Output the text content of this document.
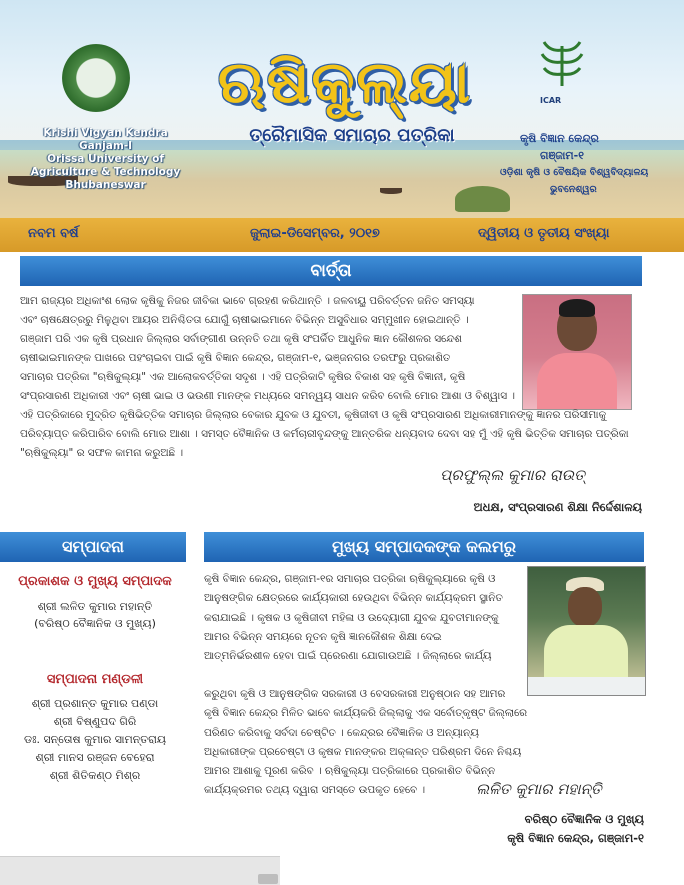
ICAR
ଋଷିକୁଲ୍ୟା
ତ୍ରୈମାସିକ ସମାଚାର ପତ୍ରିକା
Krishi Vigyan Kendra
Ganjam-I
Orissa University of
Agriculture & Technology
Bhubaneswar
କୃଷି ବିଜ୍ଞାନ କେନ୍ଦ୍ର
ଗଞ୍ଜାମ-୧
ଓଡ଼ିଶା କୃଷି ଓ ବୈଷୟିକ ବିଶ୍ୱବିଦ୍ୟାଳୟ
ଭୁବନେଶ୍ୱର
ନବମ ବର୍ଷ	ଜୁଲାଇ-ଡିସେମ୍ବର, ୨୦୧୭	ଦ୍ୱିତୀୟ ଓ ତୃତୀୟ ସଂଖ୍ୟା
ବାର୍ତ୍ତା
ଆମ ରାଜ୍ୟର ଅଧିକାଂଶ ଲୋକ କୃଷିକୁ ନିଜର ଜୀବିକା ଭାବେ ଗ୍ରହଣ କରିଥାନ୍ତି । ଜଳବାୟୁ ପରିବର୍ତ୍ତନ ଜନିତ ସମସ୍ୟା
ଏବଂ ଚାଷକ୍ଷେତ୍ରରୁ ମିଳୁଥିବା ଆୟର ଅନିଶ୍ଚିତତା ଯୋଗୁଁ ଚାଷୀଭାଇମାନେ ବିଭିନ୍ନ ଅସୁବିଧାର ସମ୍ମୁଖୀନ ହୋଇଥାନ୍ତି ।
ଗଞ୍ଜାମ ପରି ଏକ କୃଷି ପ୍ରଧାନ ଜିଲ୍ଲାର ସର୍ବାଙ୍ଗୀଣ ଉନ୍ନତି ତଥା କୃଷି ସଂପର୍କିତ ଆଧୁନିକ ଜ୍ଞାନ କୌଶଳର ସନ୍ଦେଶ
ଚାଷୀଭାଇମାନଙ୍କ ପାଖରେ ପହଂଚାଇବା ପାଇଁ କୃଷି ବିଜ୍ଞାନ କେନ୍ଦ୍ର, ଗଞ୍ଜାମ-୧, ଭଞ୍ଜନଗର ତରଫରୁ ପ୍ରକାଶିତ
ସମାଚାର ପତ୍ରିକା "ଋଷିକୁଲ୍ୟା" ଏକ ଆଲୋକବର୍ତ୍ତିକା ସଦୃଶ । ଏହି ପତ୍ରିକାଟି କୃଷିର ବିକାଶ ସହ କୃଷି ବିଜ୍ଞାନୀ, କୃଷି
ସଂପ୍ରସାରଣ ଅଧିକାରୀ ଏବଂ ଚାଷୀ ଭାଇ ଓ ଭଉଣୀ ମାନଙ୍କ ମଧ୍ୟରେ ସମନ୍ୱୟ ସାଧନ କରିବ ବୋଲି ମୋର ଆଶା ଓ ବିଶ୍ୱାସ ।
ଏହି ପତ୍ରିକାରେ ମୁଦ୍ରିତ କୃଷିଭିତ୍ତିକ ସମାଚାର ଜିଲ୍ଲାର ବେକାର ଯୁବକ ଓ ଯୁବତୀ, କୃଷିଜୀବୀ ଓ କୃଷି ସଂପ୍ରସାରଣ ଅଧିକାରୀମାନଙ୍କୁ ଜ୍ଞାନର ପରିସୀମାକୁ
ପରିବ୍ୟାପ୍ତ କରିପାରିବ ବୋଲି ମୋର ଆଶା । ସମସ୍ତ ବୈଜ୍ଞାନିକ ଓ କର୍ମଚାରୀବୃନ୍ଦଙ୍କୁ ଆନ୍ତରିକ ଧନ୍ୟବାଦ ଦେବା ସହ ମୁଁ ଏହି କୃଷି ଭିତ୍ତିକ ସମାଚାର ପତ୍ରିକା
"ଋଷିକୁଲ୍ୟା" ର ସଫଳ କାମନା କରୁଅଛି ।
ପ୍ରଫୁଲ୍ଲ କୁମାର ରାଉତ୍
ଅଧକ୍ଷ, ସଂପ୍ରସାରଣ ଶିକ୍ଷା ନିର୍ଦ୍ଦେଶାଳୟ
ସମ୍ପାଦନା
ପ୍ରକାଶକ ଓ ମୁଖ୍ୟ ସମ୍ପାଦକ
ଶ୍ରୀ ଲଳିତ କୁମାର ମହାନ୍ତି
(ବରିଷ୍ଠ ବୈଜ୍ଞାନିକ ଓ ମୁଖ୍ୟ)
ସମ୍ପାଦନା ମଣ୍ଡଳୀ
ଶ୍ରୀ ପ୍ରଶାନ୍ତ କୁମାର ପଣ୍ଡା
ଶ୍ରୀ ବିଷ୍ଣୁପଦ ଗିରି
ଡଃ. ସନ୍ତୋଷ କୁମାର ସାମନ୍ତରାୟ
ଶ୍ରୀ ମାନସ ରଞ୍ଜନ ବେହେରା
ଶ୍ରୀ ଶିତିକଣ୍ଠ ମିଶ୍ର
ମୁଖ୍ୟ ସମ୍ପାଦକଙ୍କ କଲମରୁ
କୃଷି ବିଜ୍ଞାନ କେନ୍ଦ୍ର, ଗଞ୍ଜାମ-୧ର ସମାଚାର ପତ୍ରିକା ଋଷିକୁଲ୍ୟାରେ କୃଷି ଓ
ଆନୁଷଙ୍ଗିକ କ୍ଷେତ୍ରରେ କାର୍ଯ୍ୟକାରୀ ହେଉଥିବା ବିଭିନ୍ନ କାର୍ଯ୍ୟକ୍ରମ ସ୍ଥାନିତ
କରାଯାଇଛି । କୃଷକ ଓ କୃଷିଜୀବୀ ମହିଳା ଓ ଉଦ୍ୟୋଗୀ ଯୁବକ ଯୁବତୀମାନଙ୍କୁ
ଆମର ବିଭିନ୍ନ ସମୟରେ ନୂତନ କୃଷି ଜ୍ଞାନକୌଶଳ ଶିକ୍ଷା ଦେଇ
ଆତ୍ମନିର୍ଭରଶୀଳ ହେବା ପାଇଁ ପ୍ରେରଣା ଯୋଗାଉଅଛି । ଜିଲ୍ଲାରେ କାର୍ଯ୍ୟ
କରୁଥିବା କୃଷି ଓ ଆନୁଷଙ୍ଗିକ ସରକାରୀ ଓ ବେସରକାରୀ ଅନୁଷ୍ଠାନ ସହ ଆମର
କୃଷି ବିଜ୍ଞାନ କେନ୍ଦ୍ର ମିଳିତ ଭାବେ କାର୍ଯ୍ୟକରି ଜିଲ୍ଲାକୁ ଏକ ସର୍ବୋତ୍କୃଷ୍ଟ ଜିଲ୍ଲାରେ
ପରିଣତ କରିବାକୁ ସର୍ବଦା ଚେଷ୍ଟିତ । କେନ୍ଦ୍ରର ବୈଜ୍ଞାନିକ ଓ ଅନ୍ୟାନ୍ୟ
ଅଧିକାରୀଙ୍କ ପ୍ରଚେଷ୍ଟା ଓ କୃଷକ ମାନଙ୍କର ଅକ୍ଳାନ୍ତ ପରିଶ୍ରମ ଦିନେ ନିଶ୍ଚୟ
ଆମର ଆଶାକୁ ପୂରଣ କରିବ । ଋଷିକୁଲ୍ୟା ପତ୍ରିକାରେ ପ୍ରକାଶିତ ବିଭିନ୍ନ
କାର୍ଯ୍ୟକ୍ରମର ତଥ୍ୟ ଦ୍ୱାରା ସମସ୍ତେ ଉପକୃତ ହେବେ ।	ଲଳିତ କୁମାର ମହାନ୍ତି
ବରିଷ୍ଠ ବୈଜ୍ଞାନିକ ଓ ମୁଖ୍ୟ
କୃଷି ବିଜ୍ଞାନ କେନ୍ଦ୍ର, ଗଞ୍ଜାମ-୧
